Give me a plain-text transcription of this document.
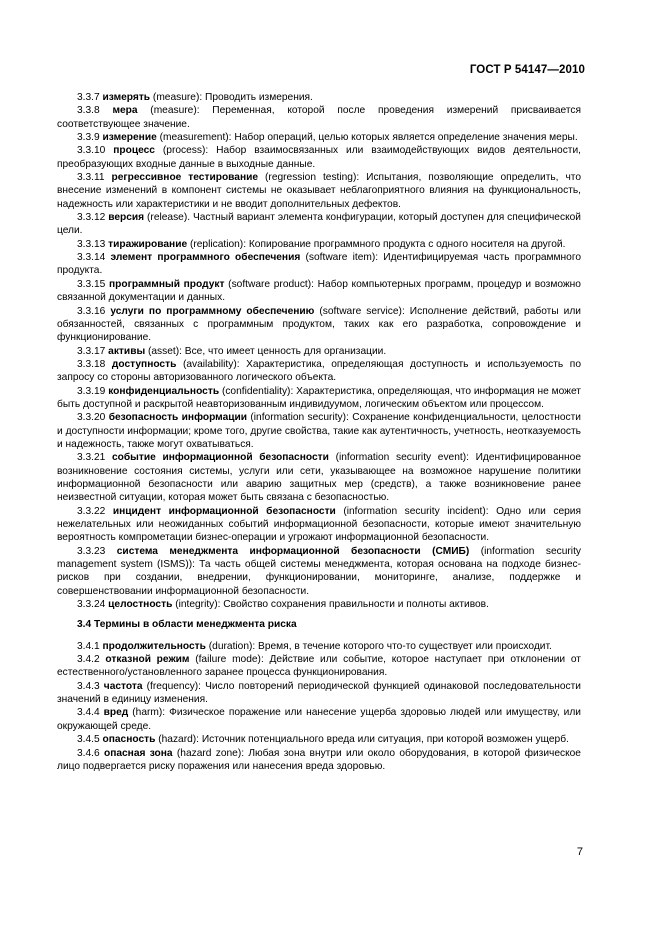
ГОСТ Р 54147—2010

3.3.7 измерять (measure): Проводить измерения.

3.3.8 мера (measure): Переменная, которой после проведения измерений присваивается соответствующее значение.

3.3.9 измерение (measurement): Набор операций, целью которых является определение значения меры.

3.3.10 процесс (process): Набор взаимосвязанных или взаимодействующих видов деятельности, преобразующих входные данные в выходные данные.

3.3.11 регрессивное тестирование (regression testing): Испытания, позволяющие определить, что внесение изменений в компонент системы не оказывает неблагоприятного влияния на функциональность, надежность или характеристики и не вводит дополнительных дефектов.

3.3.12 версия (release). Частный вариант элемента конфигурации, который доступен для специфической цели.

3.3.13 тиражирование (replication): Копирование программного продукта с одного носителя на другой.

3.3.14 элемент программного обеспечения (software item): Идентифицируемая часть программного продукта.

3.3.15 программный продукт (software product): Набор компьютерных программ, процедур и возможно связанной документации и данных.

3.3.16 услуги по программному обеспечению (software service): Исполнение действий, работы или обязанностей, связанных с программным продуктом, таких как его разработка, сопровождение и функционирование.

3.3.17 активы (asset): Все, что имеет ценность для организации.

3.3.18 доступность (availability): Характеристика, определяющая доступность и используемость по запросу со стороны авторизованного логического объекта.

3.3.19 конфиденциальность (confidentiality): Характеристика, определяющая, что информация не может быть доступной и раскрытой неавторизованным индивидуумом, логическим объектом или процессом.

3.3.20 безопасность информации (information security): Сохранение конфиденциальности, целостности и доступности информации; кроме того, другие свойства, такие как аутентичность, учетность, неотказуемость и надежность, также могут охватываться.

3.3.21 событие информационной безопасности (information security event): Идентифицированное возникновение состояния системы, услуги или сети, указывающее на возможное нарушение политики информационной безопасности или аварию защитных мер (средств), а также возникновение ранее неизвестной ситуации, которая может быть связана с безопасностью.

3.3.22 инцидент информационной безопасности (information security incident): Одно или серия нежелательных или неожиданных событий информационной безопасности, которые имеют значительную вероятность компрометации бизнес-операции и угрожают информационной безопасности.

3.3.23 система менеджмента информационной безопасности (СМИБ) (information security management system (ISMS)): Та часть общей системы менеджмента, которая основана на подходе бизнес-рисков при создании, внедрении, функционировании, мониторинге, анализе, поддержке и совершенствовании информационной безопасности.

3.3.24 целостность (integrity): Свойство сохранения правильности и полноты активов.

3.4 Термины в области менеджмента риска

3.4.1 продолжительность (duration): Время, в течение которого что-то существует или происходит.

3.4.2 отказной режим (failure mode): Действие или событие, которое наступает при отклонении от естественного/установленного заранее процесса функционирования.

3.4.3 частота (frequency): Число повторений периодической функцией одинаковой последовательности значений в единицу изменения.

3.4.4 вред (harm): Физическое поражение или нанесение ущерба здоровью людей или имуществу, или окружающей среде.

3.4.5 опасность (hazard): Источник потенциального вреда или ситуация, при которой возможен ущерб.

3.4.6 опасная зона (hazard zone): Любая зона внутри или около оборудования, в которой физическое лицо подвергается риску поражения или нанесения вреда здоровью.

7
